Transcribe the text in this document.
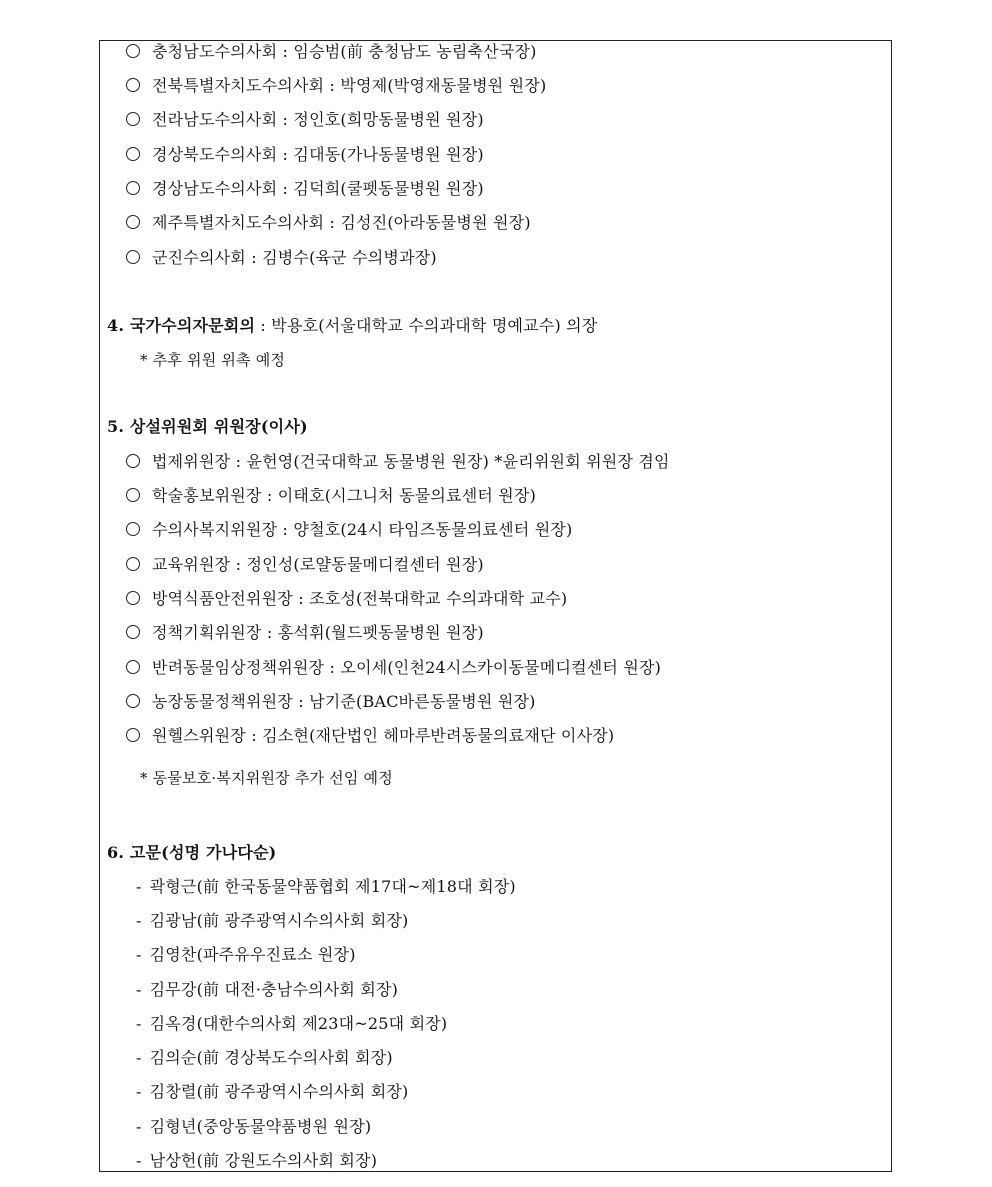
충청남도수의사회 : 임승범(前 충청남도 농림축산국장)
전북특별자치도수의사회 : 박영제(박영재동물병원 원장)
전라남도수의사회 : 정인호(희망동물병원 원장)
경상북도수의사회 : 김대동(가나동물병원 원장)
경상남도수의사회 : 김덕희(쿨펫동물병원 원장)
제주특별자치도수의사회 : 김성진(아라동물병원 원장)
군진수의사회 : 김병수(육군 수의병과장)
4. 국가수의자문회의 : 박용호(서울대학교 수의과대학 명예교수) 의장
* 추후 위원 위촉 예정
5. 상설위원회 위원장(이사)
법제위원장 : 윤헌영(건국대학교 동물병원 원장) *윤리위원회 위원장 겸임
학술홍보위원장 : 이태호(시그니처 동물의료센터 원장)
수의사복지위원장 : 양철호(24시 타임즈동물의료센터 원장)
교육위원장 : 정인성(로얄동물메디컬센터 원장)
방역식품안전위원장 : 조호성(전북대학교 수의과대학 교수)
정책기획위원장 : 홍석휘(월드펫동물병원 원장)
반려동물임상정책위원장 : 오이세(인천24시스카이동물메디컬센터 원장)
농장동물정책위원장 : 남기준(BAC바른동물병원 원장)
원헬스위원장 : 김소현(재단법인 헤마루반려동물의료재단 이사장)
* 동물보호·복지위원장 추가 선임 예정
6. 고문(성명 가나다순)
- 곽형근(前 한국동물약품협회 제17대~제18대 회장)
- 김광남(前 광주광역시수의사회 회장)
- 김영찬(파주유우진료소 원장)
- 김무강(前 대전·충남수의사회 회장)
- 김옥경(대한수의사회 제23대~25대 회장)
- 김의순(前 경상북도수의사회 회장)
- 김창렬(前 광주광역시수의사회 회장)
- 김형년(중앙동물약품병원 원장)
- 남상헌(前 강원도수의사회 회장)
